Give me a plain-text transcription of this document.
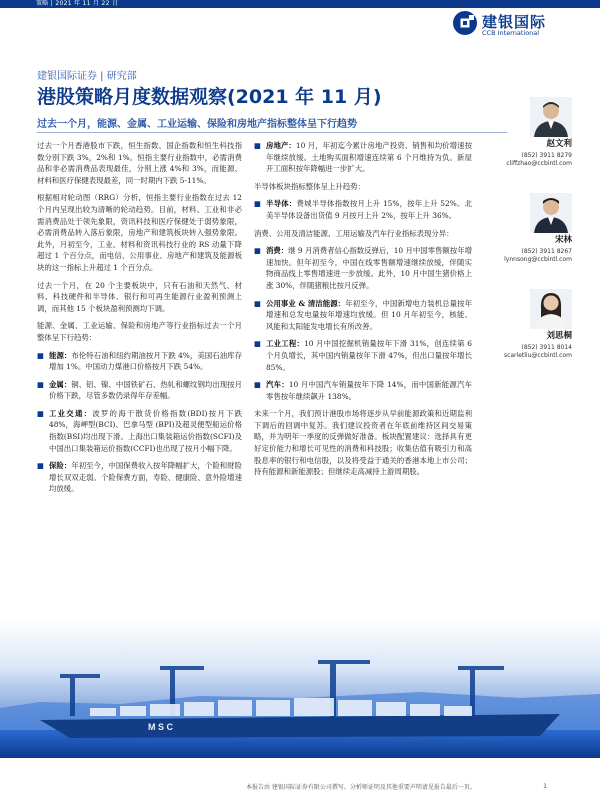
策略 | 2021 年 11 月 22 日
建银国际
CCB International
建银国际证券 | 研究部
港股策略月度数据观察(2021 年 11 月)
过去一个月，能源、金属、工业运输、保险和房地产指标整体呈下行趋势
过去一个月香港股市下跌，恒生指数、国企指数和恒生科技指数分别下跌 3%，2%和 1%。恒指主要行业指数中，必需消费品和非必需消费品表现最佳，分别上涨 4%和 3%，而能源、材料和医疗保健表现最差，同一时期内下跌 5-11%。
根据相对轮动图（RRG）分析，恒指主要行业指数在过去 12 个月内呈现出较为清晰的轮动趋势。目前，材料、工业和非必需消费品处于领先象限，资讯科技和医疗保健处于弱势象限，必需消费品转入落后象限，房地产和建筑板块转入强势象限。此外，月初至今，工业、材料和资讯科技行业的 RS 动量下降超过 1 个百分点，而电信、公用事业、房地产和建筑及能源板块的这一指标上升超过 1 个百分点。
过去一个月，在 20 个主要板块中，只有石油和天然气、材料、科技硬件和半导体、银行和可再生能源行业盈利预测上调，而其他 15 个板块盈利预测均下调。
能源、金属、工业运输、保险和房地产等行业指标过去一个月整体呈下行趋势：
■ 能源：布伦特石油和纽约期油按月下跌 4%，美国石油库存增加 1%。中国动力煤港口价格按月下跌 54%。
■ 金属：铜、铝、镍、中国铁矿石、热轧和螺纹钢均出现按月价格下跌，尽管多数仍录得年存差幅。
■ 工业交通：波罗的海干散货价格指数(BDI)按月下跌 48%，海岬型(BCI)、巴拿马型 (BPI)及超灵便型船运价格指数(BSI)均出现下滑。上海出口集装箱运价指数(SCFI)及中国出口集装箱运价指数(CCFI)也出现了按月小幅下降。
■ 保险：年初至今，中国保费收入按年降幅扩大，个险和财险增长双双走弱。个险保费方面，寿险、健康险、意外险增速均放缓。
■ 房地产：10 月，年初迄今累计房地产投资、销售和均价增速按年继续放缓。土地购买面积增速连续第 6 个月维持为负。新屋开工面积按年降幅进一步扩大。
半导体板块指标整体呈上升趋势：
■ 半导体：费城半导体指数按月上升 15%，按年上升 52%。北美半导体设备出货值 9 月按月上升 2%，按年上升 36%。
消费、公用及清洁能源、工用运输及汽车行业指标表现分异：
■ 消费：继 9 月消费者信心指数反弹后，10 月中国零售额按年增速加快。但年初至今，中国在线零售额增速继续放缓，伴随实物商品线上零售增速进一步放缓。此外，10 月中国生猪价格上涨 30%，伴随猪粮比按月反弹。
■ 公用事业 & 清洁能源：年初至今，中国新增电力装机总量按年增速和总发电量按年增速均放缓。但 10 月年初至今，核能、风能和太阳能发电增长有所改善。
■ 工业工程：10 月中国挖掘机销量按年下滑 31%，创连续第 6 个月负增长，其中国内销量按年下滑 47%，但出口量按年增长 85%。
■ 汽车：10 月中国汽车销量按年下降 14%，而中国新能源汽车零售按年继续飙升 138%。
未来一个月，我们预计港股市场将逐步从早前能源政策和近期监利下调后的回调中复苏。我们建议投资者在年底前维持区间交易策略，并为明年一季度的反弹做好准备。板块配置建议：选择具有更好定价能力和增长可见性的消费和科技股；收集估值有吸引力和高股息率的银行和电信股，以及将受益于通关的香港本地上市公司；持有能源和新能源股；但继续走高减持上游周期股。
赵文利
(852) 3911 8279
cliffzhao@ccbintl.com
宋林
(852) 3911 8267
lynnsong@ccbintl.com
刘思桐
(852) 3911 8014
scarletliu@ccbintl.com
M S C
本报告由 建银国际证券有限公司撰写。分析师证明及其他重要声明请见报告最后一页。	1
